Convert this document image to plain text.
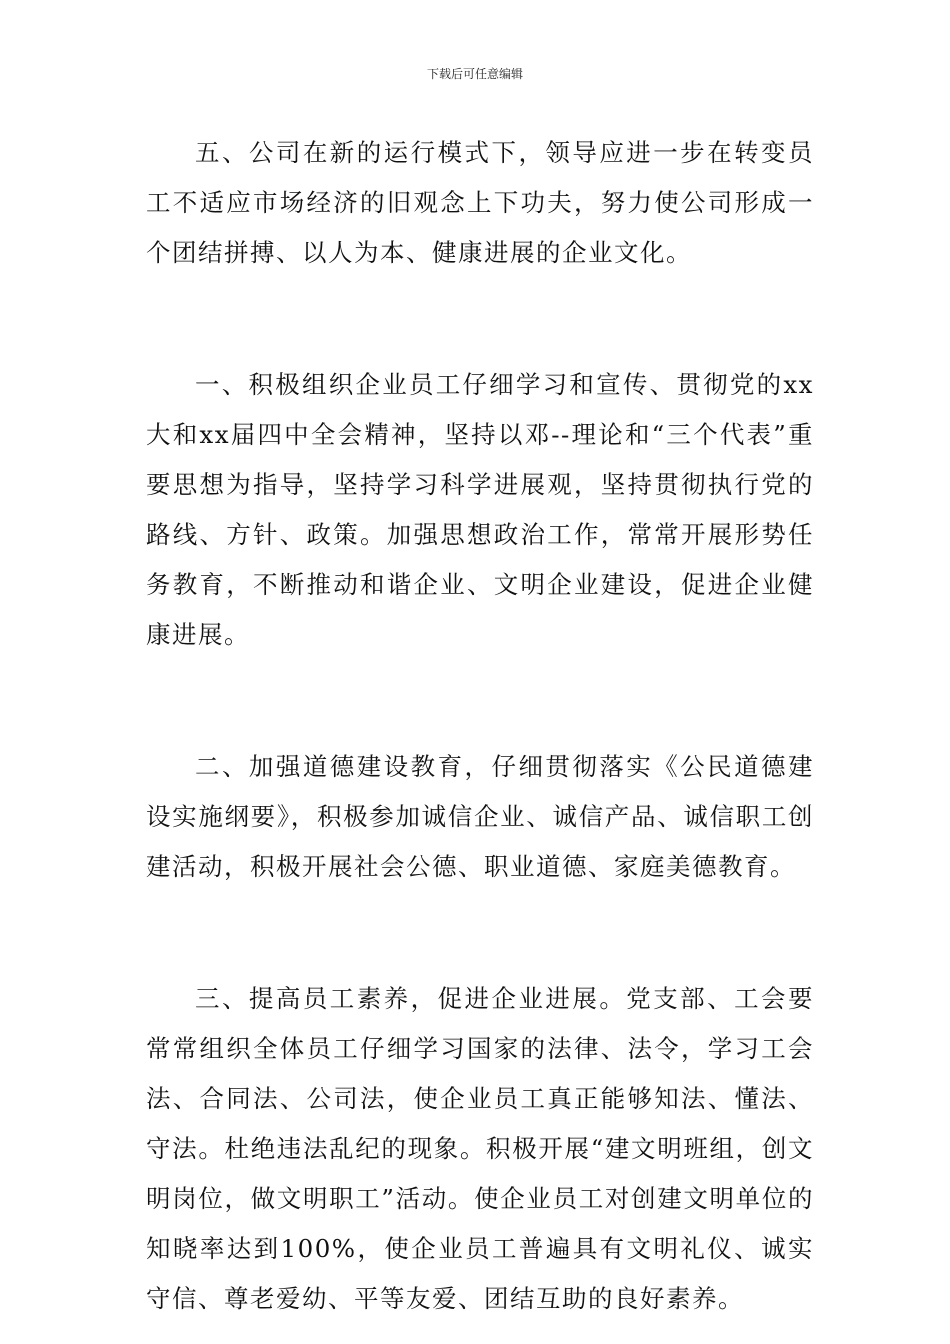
下载后可任意编辑

五、公司在新的运行模式下，领导应进一步在转变员工不适应市场经济的旧观念上下功夫，努力使公司形成一个团结拼搏、以人为本、健康进展的企业文化。

一、积极组织企业员工仔细学习和宣传、贯彻党的xx大和xx届四中全会精神，坚持以邓--理论和“三个代表”重要思想为指导，坚持学习科学进展观，坚持贯彻执行党的路线、方针、政策。加强思想政治工作，常常开展形势任务教育，不断推动和谐企业、文明企业建设，促进企业健康进展。

二、加强道德建设教育，仔细贯彻落实《公民道德建设实施纲要》，积极参加诚信企业、诚信产品、诚信职工创建活动，积极开展社会公德、职业道德、家庭美德教育。

三、提高员工素养，促进企业进展。党支部、工会要常常组织全体员工仔细学习国家的法律、法令，学习工会法、合同法、公司法，使企业员工真正能够知法、懂法、守法。杜绝违法乱纪的现象。积极开展“建文明班组，创文明岗位，做文明职工”活动。使企业员工对创建文明单位的知晓率达到100%，使企业员工普遍具有文明礼仪、诚实守信、尊老爱幼、平等友爱、团结互助的良好素养。
